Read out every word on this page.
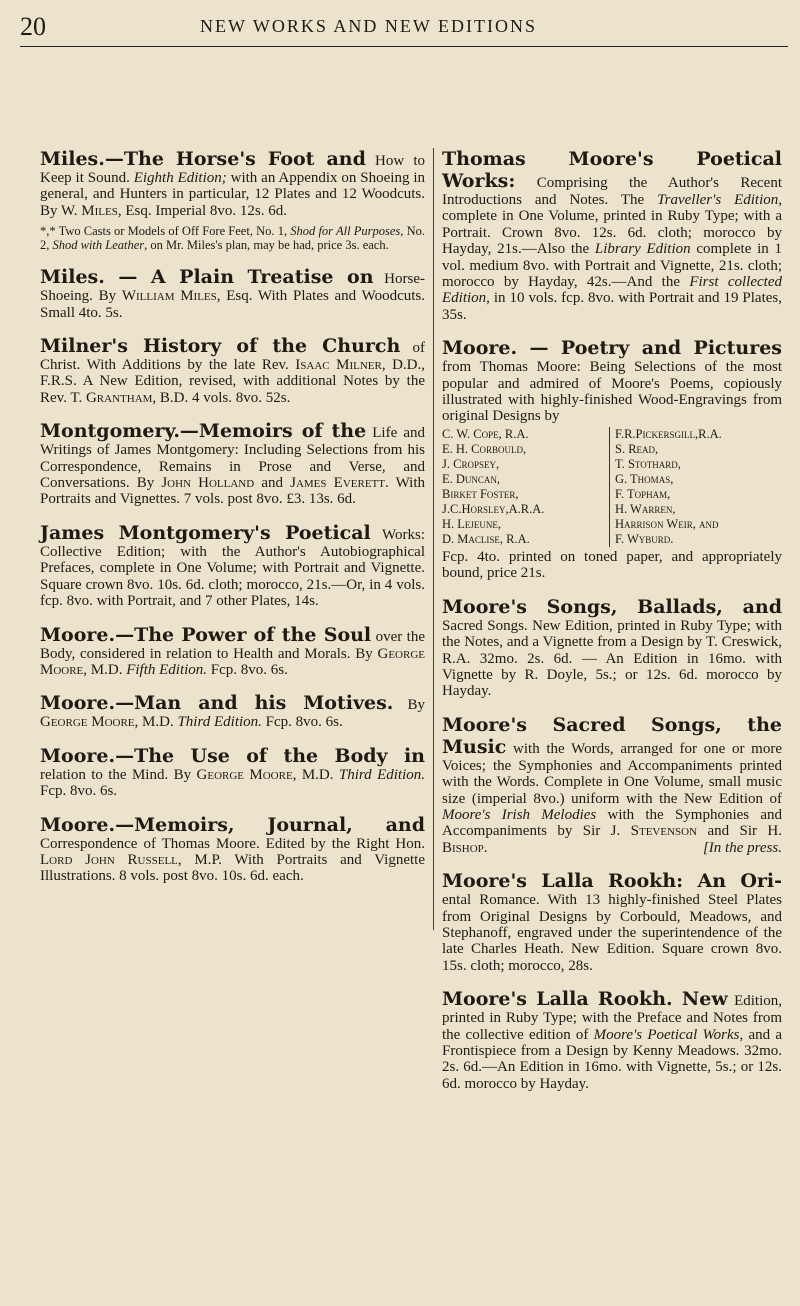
20	NEW WORKS AND NEW EDITIONS
Miles.—The Horse's Foot and How to Keep it Sound. Eighth Edition; with an Appendix on Shoeing in general, and Hunters in particular, 12 Plates and 12 Woodcuts. By W. Miles, Esq. Imperial 8vo. 12s. 6d.
*,* Two Casts or Models of Off Fore Feet, No. 1, Shod for All Purposes, No. 2, Shod with Leather, on Mr. Miles's plan, may be had, price 3s. each.
Miles. — A Plain Treatise on Horse-Shoeing. By William Miles, Esq. With Plates and Woodcuts. Small 4to. 5s.
Milner's History of the Church of Christ. With Additions by the late Rev. Isaac Milner, D.D., F.R.S. A New Edition, revised, with additional Notes by the Rev. T. Grantham, B.D. 4 vols. 8vo. 52s.
Montgomery.—Memoirs of the Life and Writings of James Montgomery: Including Selections from his Correspondence, Remains in Prose and Verse, and Conversations. By John Holland and James Everett. With Portraits and Vignettes. 7 vols. post 8vo. £3. 13s. 6d.
James Montgomery's Poetical Works: Collective Edition; with the Author's Autobiographical Prefaces, complete in One Volume; with Portrait and Vignette. Square crown 8vo. 10s. 6d. cloth; morocco, 21s.—Or, in 4 vols. fcp. 8vo. with Portrait, and 7 other Plates, 14s.
Moore.—The Power of the Soul over the Body, considered in relation to Health and Morals. By George Moore, M.D. Fifth Edition. Fcp. 8vo. 6s.
Moore.—Man and his Motives. By George Moore, M.D. Third Edition. Fcp. 8vo. 6s.
Moore.—The Use of the Body in relation to the Mind. By George Moore, M.D. Third Edition. Fcp. 8vo. 6s.
Moore.—Memoirs, Journal, and Correspondence of Thomas Moore. Edited by the Right Hon. Lord John Russell, M.P. With Portraits and Vignette Illustrations. 8 vols. post 8vo. 10s. 6d. each.
Thomas Moore's Poetical Works: Comprising the Author's Recent Introductions and Notes. The Traveller's Edition, complete in One Volume, printed in Ruby Type; with a Portrait. Crown 8vo. 12s. 6d. cloth; morocco by Hayday, 21s.—Also the Library Edition complete in 1 vol. medium 8vo. with Portrait and Vignette, 21s. cloth; morocco by Hayday, 42s.—And the First collected Edition, in 10 vols. fcp. 8vo. with Portrait and 19 Plates, 35s.
Moore. — Poetry and Pictures from Thomas Moore: Being Selections of the most popular and admired of Moore's Poems, copiously illustrated with highly-finished Wood-Engravings from original Designs by
C. W. Cope, R.A.
E. H. Corbould,
J. Cropsey,
E. Duncan,
Birket Foster,
J.C.Horsley,A.R.A.
H. Lejeune,
D. Maclise, R.A.
F.R.Pickersgill,R.A.
S. Read,
T. Stothard,
G. Thomas,
F. Topham,
H. Warren,
Harrison Weir, and
F. Wyburd.
Fcp. 4to. printed on toned paper, and appropriately bound, price 21s.
Moore's Songs, Ballads, and Sacred Songs. New Edition, printed in Ruby Type; with the Notes, and a Vignette from a Design by T. Creswick, R.A. 32mo. 2s. 6d. — An Edition in 16mo. with Vignette by R. Doyle, 5s.; or 12s. 6d. morocco by Hayday.
Moore's Sacred Songs, the Music with the Words, arranged for one or more Voices; the Symphonies and Accompaniments printed with the Words. Complete in One Volume, small music size (imperial 8vo.) uniform with the New Edition of Moore's Irish Melodies with the Symphonies and Accompaniments by Sir J. Stevenson and Sir H. Bishop.	[In the press.
Moore's Lalla Rookh: An Ori- ental Romance. With 13 highly-finished Steel Plates from Original Designs by Corbould, Meadows, and Stephanoff, engraved under the superintendence of the late Charles Heath. New Edition. Square crown 8vo. 15s. cloth; morocco, 28s.
Moore's Lalla Rookh. New Edition, printed in Ruby Type; with the Preface and Notes from the collective edition of Moore's Poetical Works, and a Frontispiece from a Design by Kenny Meadows. 32mo. 2s. 6d.—An Edition in 16mo. with Vignette, 5s.; or 12s. 6d. morocco by Hayday.
